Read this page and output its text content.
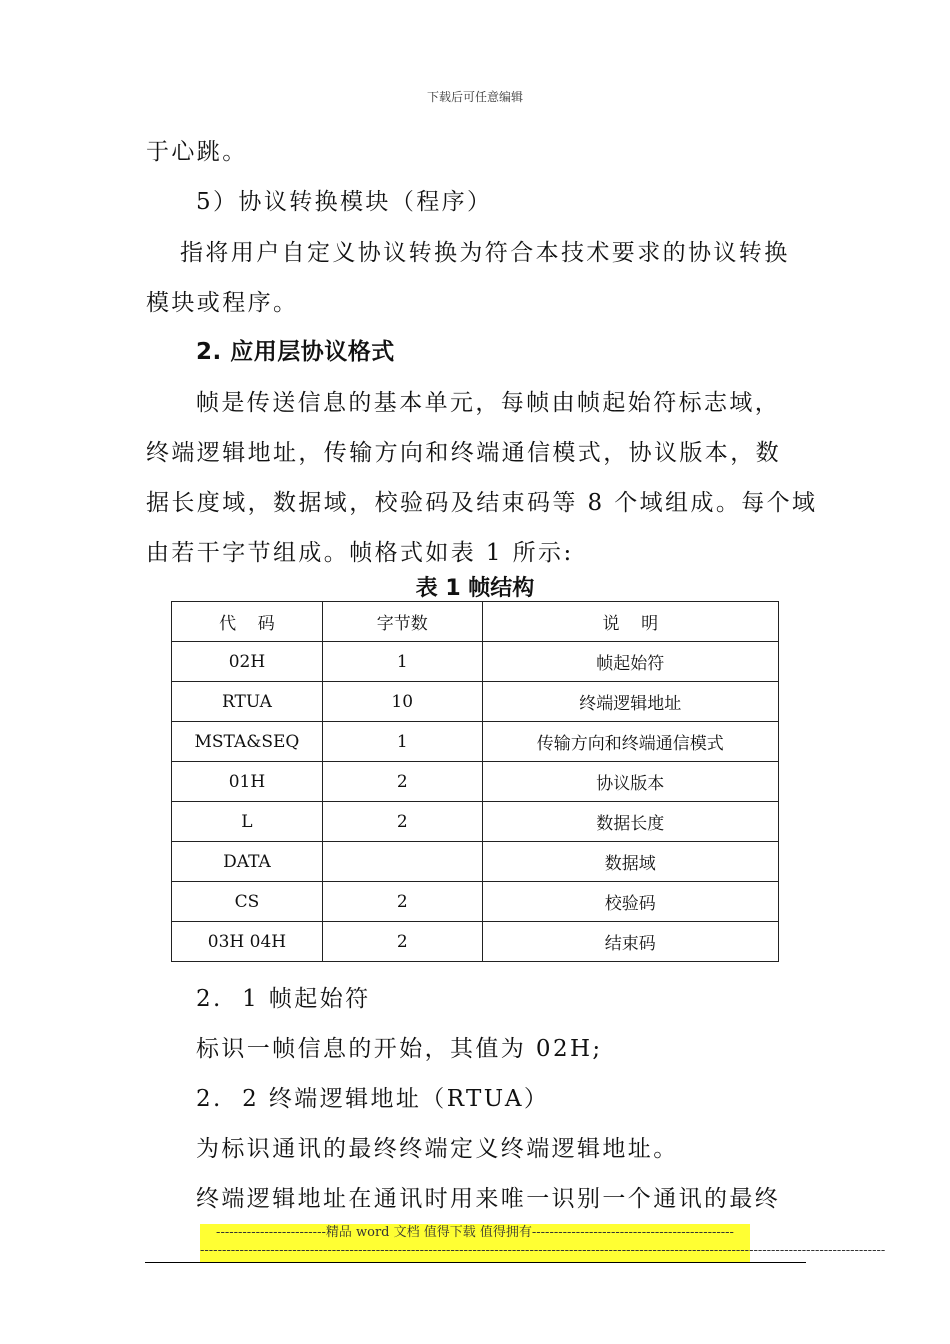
下载后可任意编辑
于心跳。
5）协议转换模块（程序）
指将用户自定义协议转换为符合本技术要求的协议转换
模块或程序。
2. 应用层协议格式
帧是传送信息的基本单元，每帧由帧起始符标志域，
终端逻辑地址，传输方向和终端通信模式，协议版本，数
据长度域，数据域，校验码及结束码等 8 个域组成。每个域
由若干字节组成。帧格式如表 1 所示:
表 1 帧结构
代    码	字节数	说    明
02H	1	帧起始符
RTUA	10	终端逻辑地址
MSTA&SEQ	1	传输方向和终端通信模式
01H	2	协议版本
L	2	数据长度
DATA		数据域
CS	2	校验码
03H 04H	2	结束码
2.  1 帧起始符
标识一帧信息的开始，其值为 02H;
2.  2 终端逻辑地址（RTUA）
为标识通讯的最终终端定义终端逻辑地址。
终端逻辑地址在通讯时用来唯一识别一个通讯的最终
-------------------------精品 word 文档 值得下载 值得拥有----------------------------------------------
------------------------------------------------------------------------------------------------------------------------------------------------------------
